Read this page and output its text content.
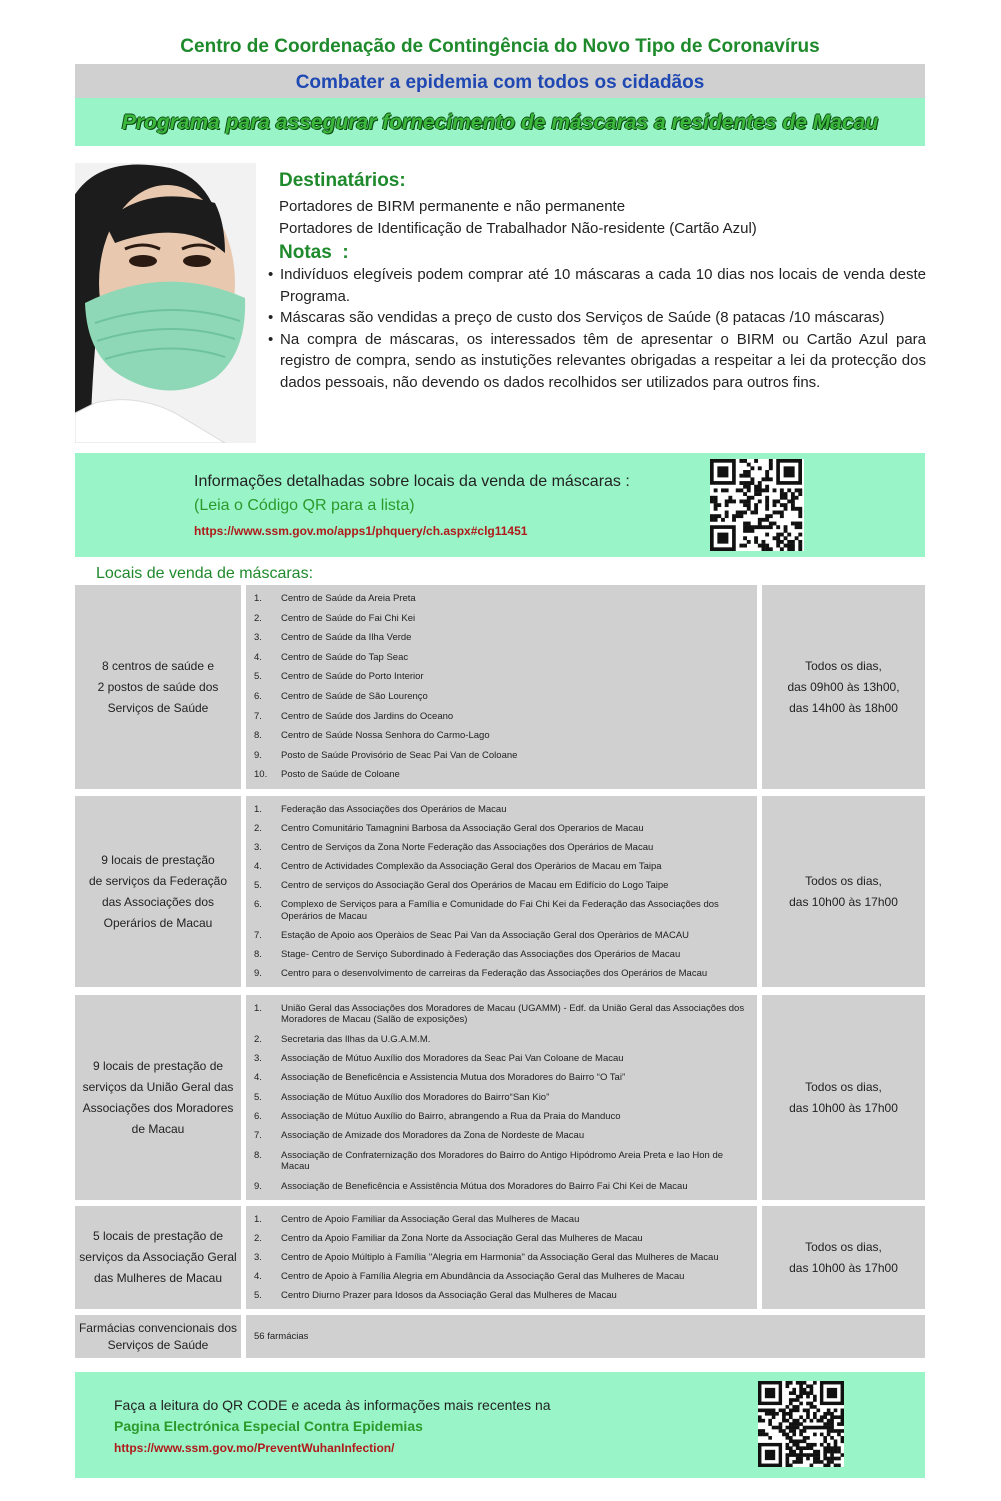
Centro de Coordenação de Contingência do Novo Tipo de Coronavírus
Combater a epidemia com todos os cidadãos
Programa para assegurar fornecimento de máscaras a residentes de Macau
Destinatários:
Portadores de BIRM permanente e não permanente
Portadores de Identificação de Trabalhador Não-residente (Cartão Azul)
Notas  :
• Indivíduos elegíveis podem comprar até 10 máscaras a cada 10 dias nos locais de venda deste Programa.
• Máscaras são vendidas a preço de custo dos Serviços de Saúde (8 patacas /10 máscaras)
• Na compra de máscaras, os interessados têm de apresentar o BIRM ou Cartão Azul para registro de compra, sendo as instutições relevantes obrigadas a respeitar a lei da protecção dos dados pessoais, não devendo os dados recolhidos ser utilizados para outros fins.
Informações detalhadas sobre locais da venda de máscaras :
(Leia o Código QR para a lista)
https://www.ssm.gov.mo/apps1/phquery/ch.aspx#clg11451
Locais de venda de máscaras:
8 centros de saúde e
2 postos de saúde dos
Serviços de Saúde
1. Centro de Saúde da Areia Preta
2. Centro de Saúde do Fai Chi Kei
3. Centro de Saúde da Ilha Verde
4. Centro de Saúde do Tap Seac
5. Centro de Saúde do Porto Interior
6. Centro de Saúde de São Lourenço
7. Centro de Saúde dos Jardins do Oceano
8. Centro de Saúde Nossa Senhora do Carmo-Lago
9. Posto de Saúde Provisório de Seac Pai Van de Coloane
10. Posto de Saúde de Coloane
Todos os dias,
das 09h00 às 13h00,
das 14h00 às 18h00
9 locais de prestação
de serviços da Federação
das Associações dos
Operários de Macau
1. Federação das Associações dos Operários de Macau
2. Centro Comunitário Tamagnini Barbosa da Associação Geral dos Operarios de Macau
3. Centro de Serviços da Zona Norte Federação das Associações dos Operários de Macau
4. Centro de Actividades Complexão da Associação Geral dos Operàrios de Macau em Taipa
5. Centro de serviços do Associação Geral dos Operários de Macau em Edifício do Logo Taipe
6. Complexo de Serviços para a Família e Comunidade do Fai Chi Kei da Federação das Associações dos Operários de Macau
7. Estação de Apoio aos Operàios de Seac Pai Van da Associação Geral dos Operàrios de MACAU
8. Stage- Centro de Serviço Subordinado à Federação das Associações dos Operários de Macau
9. Centro para o desenvolvimento de carreiras da Federação das Associações dos Operários de Macau
Todos os dias,
das 10h00 às 17h00
9 locais de prestação de
serviços da União Geral das
Associações dos Moradores
de Macau
1. União Geral das Associações dos Moradores de Macau (UGAMM) - Edf. da União Geral das Associações dos Moradores de Macau (Salão de exposições)
2. Secretaria das Ilhas da U.G.A.M.M.
3. Associação de Mútuo Auxílio dos Moradores da Seac Pai Van Coloane de Macau
4. Associação de Beneficência e Assistencia Mutua dos Moradores do Bairro “O Tai”
5. Associação de Mútuo Auxílio dos Moradores do Bairro“San Kio”
6. Associação de Mútuo Auxílio do Bairro, abrangendo a Rua da Praia do Manduco
7. Associação de Amizade dos Moradores da Zona de Nordeste de Macau
8. Associação de Confraternização dos Moradores do Bairro do Antigo Hipódromo Areia Preta e Iao Hon de Macau
9. Associação de Beneficência e Assistência Mútua dos Moradores do Bairro Fai Chi Kei de Macau
Todos os dias,
das 10h00 às 17h00
5 locais de prestação de
serviços da Associação Geral
das Mulheres de Macau
1. Centro de Apoio Familiar da Associação Geral das Mulheres de Macau
2. Centro da Apoio Familiar da Zona Norte da Associação Geral das Mulheres de Macau
3. Centro de Apoio Múltiplo à Família "Alegria em Harmonia" da Associação Geral das Mulheres de Macau
4. Centro de Apoio à Família Alegria em Abundância da Associação Geral das Mulheres de Macau
5. Centro Diurno Prazer para Idosos da Associação Geral das Mulheres de Macau
Todos os dias,
das 10h00 às 17h00
Farmácias convencionais dos
Serviços de Saúde
56 farmácias
Faça a leitura do QR CODE e aceda às informações mais recentes na
Pagina Electrónica Especial Contra Epidemias
https://www.ssm.gov.mo/PreventWuhanInfection/
